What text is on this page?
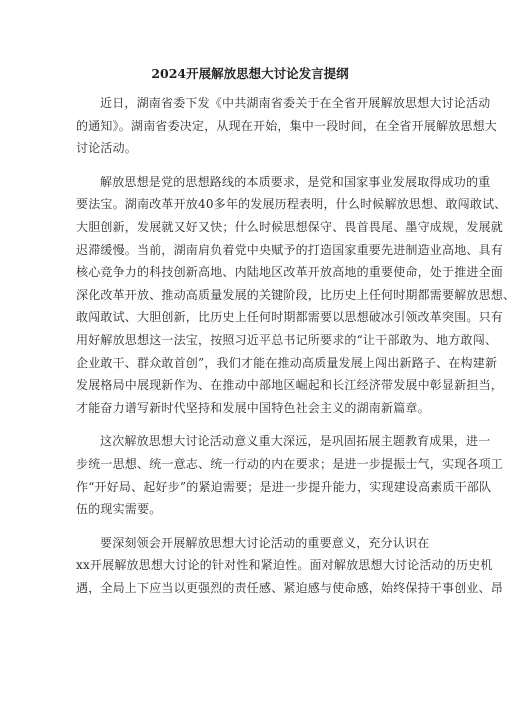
2024开展解放思想大讨论发言提纲
近日，湖南省委下发《中共湖南省委关于在全省开展解放思想大讨论活动
的通知》。湖南省委决定，从现在开始，集中一段时间，在全省开展解放思想大
讨论活动。
解放思想是党的思想路线的本质要求，是党和国家事业发展取得成功的重
要法宝。湖南改革开放40多年的发展历程表明，什么时候解放思想、敢闯敢试、
大胆创新，发展就又好又快；什么时候思想保守、畏首畏尾、墨守成规，发展就
迟滞缓慢。当前，湖南肩负着党中央赋予的打造国家重要先进制造业高地、具有
核心竞争力的科技创新高地、内陆地区改革开放高地的重要使命，处于推进全面
深化改革开放、推动高质量发展的关键阶段，比历史上任何时期都需要解放思想、
敢闯敢试、大胆创新，比历史上任何时期都需要以思想破冰引领改革突围。只有
用好解放思想这一法宝，按照习近平总书记所要求的“让干部敢为、地方敢闯、
企业敢干、群众敢首创”，我们才能在推动高质量发展上闯出新路子、在构建新
发展格局中展现新作为、在推动中部地区崛起和长江经济带发展中彰显新担当，
才能奋力谱写新时代坚持和发展中国特色社会主义的湖南新篇章。
这次解放思想大讨论活动意义重大深远，是巩固拓展主题教育成果，进一
步统一思想、统一意志、统一行动的内在要求；是进一步提振士气，实现各项工
作“开好局、起好步”的紧迫需要；是进一步提升能力，实现建设高素质干部队
伍的现实需要。
要深刻领会开展解放思想大讨论活动的重要意义，充分认识在
xx开展解放思想大讨论的针对性和紧迫性。面对解放思想大讨论活动的历史机
遇，全局上下应当以更强烈的责任感、紧迫感与使命感，始终保持干事创业、昂
